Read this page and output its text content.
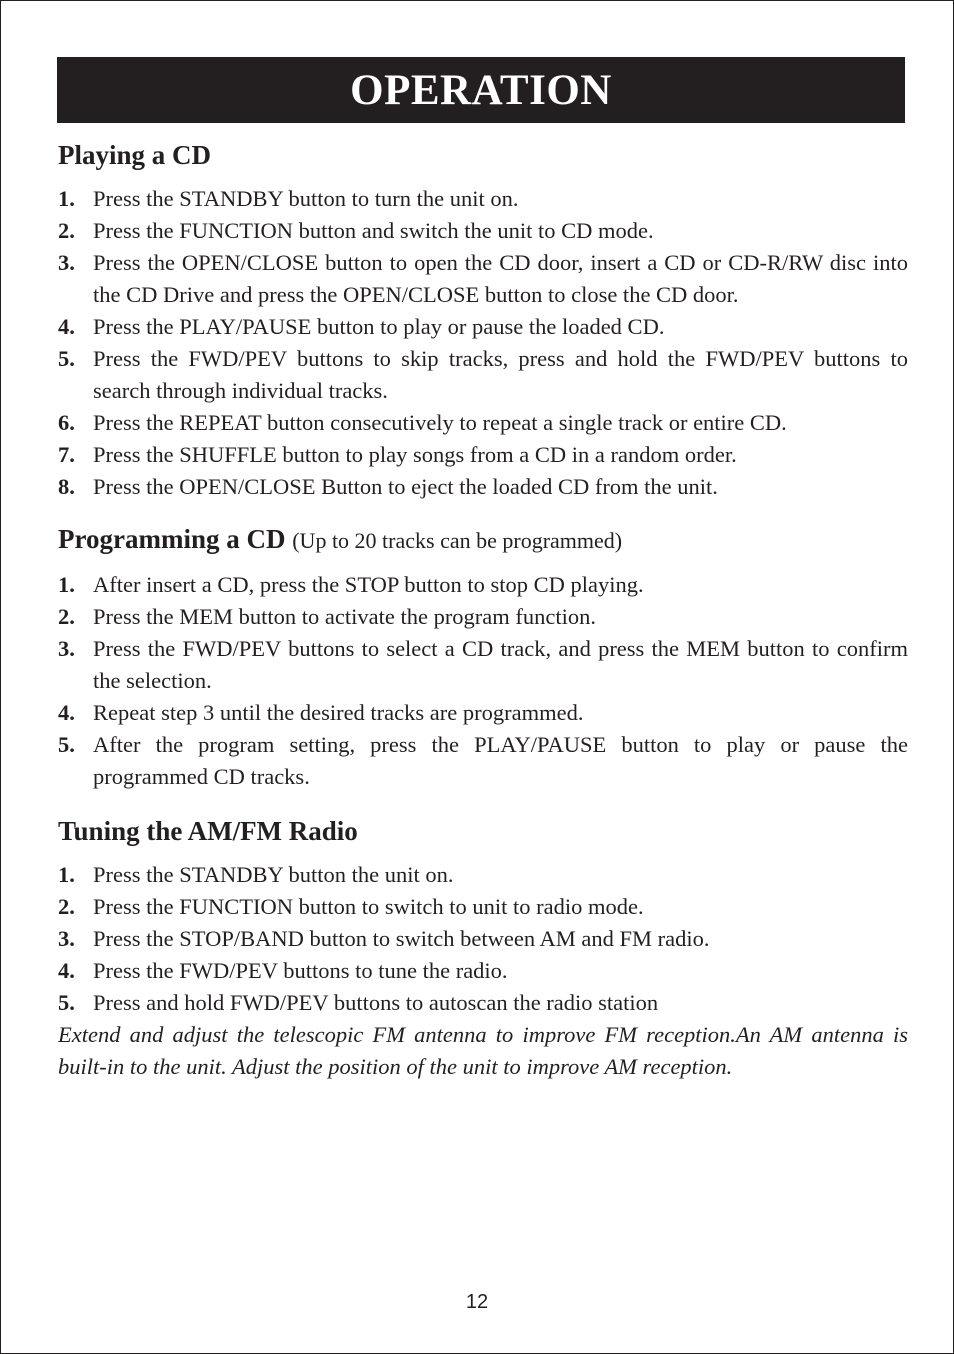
OPERATION
Playing a CD
1. Press the STANDBY button to turn the unit on.
2. Press the FUNCTION button and switch the unit to CD mode.
3. Press the OPEN/CLOSE button to open the CD door, insert a CD or CD-R/RW disc into the CD Drive and press the OPEN/CLOSE button to close the CD door.
4. Press the PLAY/PAUSE button to play or pause the loaded CD.
5. Press the FWD/PEV buttons to skip tracks, press and hold the FWD/PEV buttons to search through individual tracks.
6. Press the REPEAT button consecutively to repeat a single track or entire CD.
7. Press the SHUFFLE button to play songs from a CD in a random order.
8. Press the OPEN/CLOSE Button to eject the loaded CD from the unit.
Programming a CD (Up to 20 tracks can be programmed)
1. After insert a CD, press the STOP button to stop CD playing.
2. Press the MEM button to activate the program function.
3. Press the FWD/PEV buttons to select a CD track, and press the MEM button to confirm the selection.
4. Repeat step 3 until the desired tracks are programmed.
5. After the program setting, press the PLAY/PAUSE button to play or pause the programmed CD tracks.
Tuning the AM/FM Radio
1. Press the STANDBY button the unit on.
2. Press the FUNCTION button to switch to unit to radio mode.
3. Press the STOP/BAND button to switch between AM and FM radio.
4. Press the FWD/PEV buttons to tune the radio.
5. Press and hold FWD/PEV buttons to autoscan the radio station

Extend and adjust the telescopic FM antenna to improve FM reception.An AM antenna is built-in to the unit. Adjust the position of the unit to improve AM reception.

12
